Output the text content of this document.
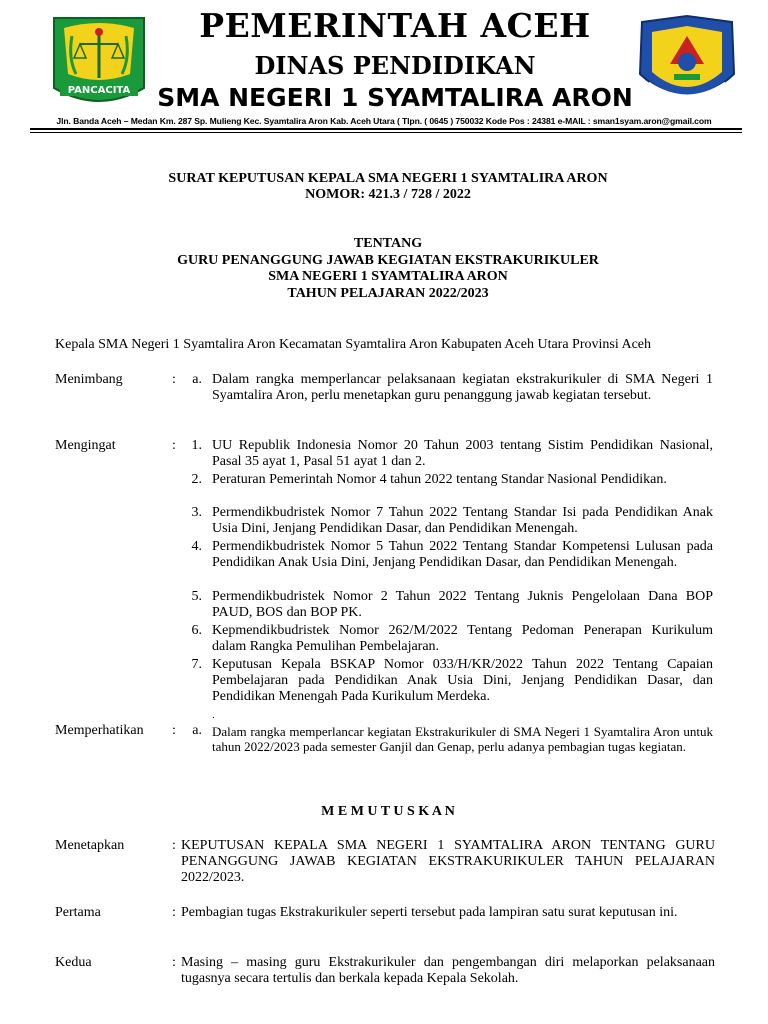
PANCACITA
PEMERINTAH ACEH
DINAS PENDIDIKAN
SMA NEGERI 1 SYAMTALIRA ARON
Jln. Banda Aceh – Medan Km. 287 Sp. Mulieng Kec. Syamtalira Aron Kab. Aceh Utara ( Tlpn. ( 0645 ) 750032 Kode Pos : 24381 e-MAIL : sman1syam.aron@gmail.com
SURAT KEPUTUSAN KEPALA SMA NEGERI 1 SYAMTALIRA ARON
NOMOR: 421.3 / 728 / 2022
TENTANG
GURU PENANGGUNG JAWAB KEGIATAN EKSTRAKURIKULER
SMA NEGERI 1 SYAMTALIRA ARON
TAHUN PELAJARAN 2022/2023
Kepala SMA Negeri 1 Syamtalira Aron Kecamatan Syamtalira Aron Kabupaten Aceh Utara Provinsi Aceh
Menimbang	:	a. Dalam rangka memperlancar pelaksanaan kegiatan ekstrakurikuler di SMA Negeri 1 Syamtalira Aron, perlu menetapkan guru penanggung jawab kegiatan tersebut.
Mengingat	:	1. UU Republik Indonesia Nomor 20 Tahun 2003 tentang Sistim Pendidikan Nasional, Pasal 35 ayat 1, Pasal 51 ayat 1 dan 2.
2. Peraturan Pemerintah Nomor 4 tahun 2022 tentang Standar Nasional Pendidikan.
3. Permendikbudristek Nomor 7 Tahun 2022 Tentang Standar Isi pada Pendidikan Anak Usia Dini, Jenjang Pendidikan Dasar, dan Pendidikan Menengah.
4. Permendikbudristek Nomor 5 Tahun 2022 Tentang Standar Kompetensi Lulusan pada Pendidikan Anak Usia Dini, Jenjang Pendidikan Dasar, dan Pendidikan Menengah.
5. Permendikbudristek Nomor 2 Tahun 2022 Tentang Juknis Pengelolaan Dana BOP PAUD, BOS dan BOP PK.
6. Kepmendikbudristek Nomor 262/M/2022 Tentang Pedoman Penerapan Kurikulum dalam Rangka Pemulihan Pembelajaran.
7. Keputusan Kepala BSKAP Nomor 033/H/KR/2022 Tahun 2022 Tentang Capaian Pembelajaran pada Pendidikan Anak Usia Dini, Jenjang Pendidikan Dasar, dan Pendidikan Menengah Pada Kurikulum Merdeka.
.
Memperhatikan :	a. Dalam rangka memperlancar kegiatan Ekstrakurikuler di SMA Negeri 1 Syamtalira Aron untuk tahun 2022/2023 pada semester Ganjil dan Genap, perlu adanya pembagian tugas kegiatan.
M E M U T U S K A N
Menetapkan	: KEPUTUSAN KEPALA SMA NEGERI 1 SYAMTALIRA ARON TENTANG GURU PENANGGUNG JAWAB KEGIATAN EKSTRAKURIKULER TAHUN PELAJARAN 2022/2023.
Pertama	: Pembagian tugas Ekstrakurikuler seperti tersebut pada lampiran satu surat keputusan ini.
Kedua	: Masing – masing guru Ekstrakurikuler dan pengembangan diri melaporkan pelaksanaan tugasnya secara tertulis dan berkala kepada Kepala Sekolah.
